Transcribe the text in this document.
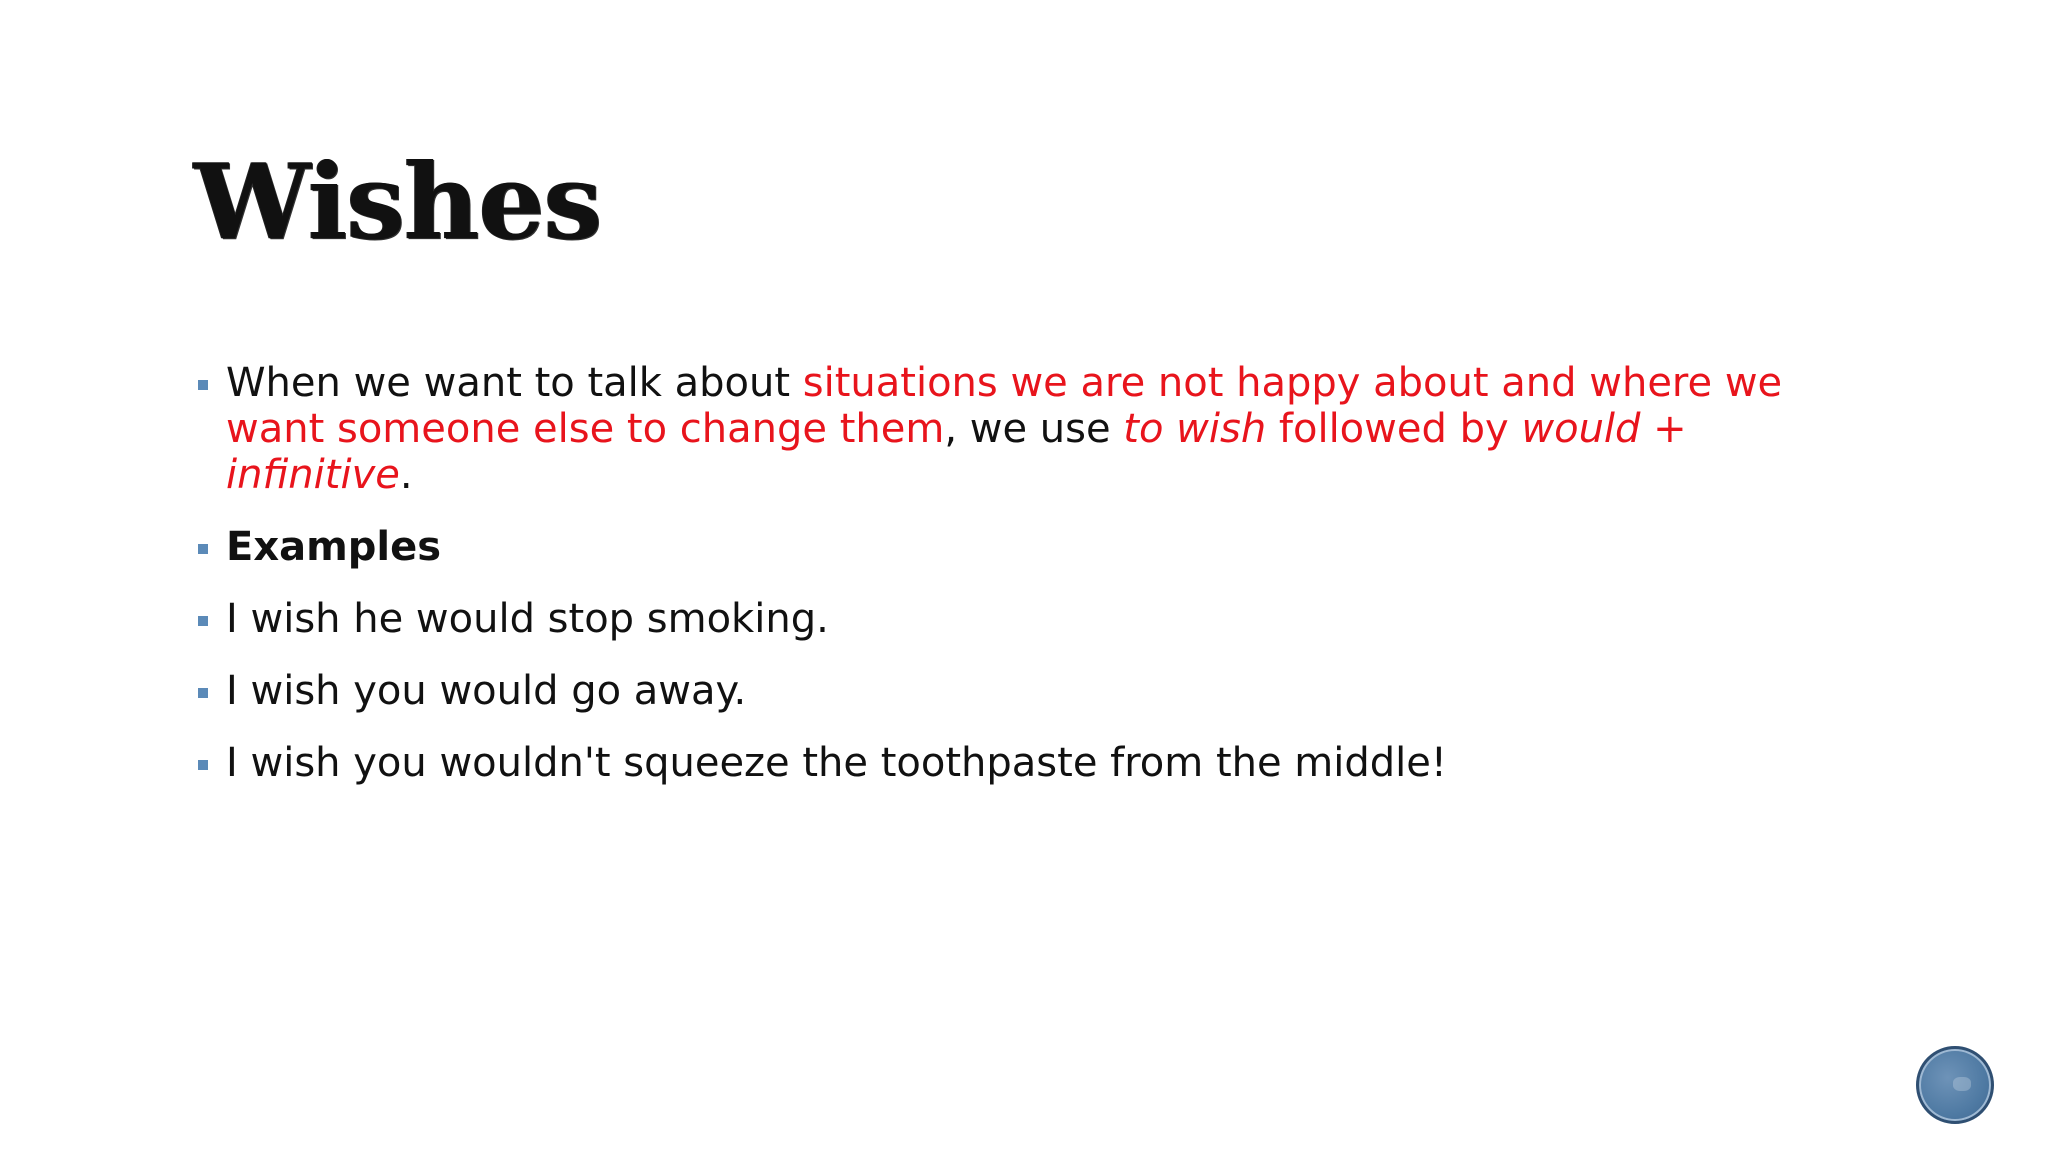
Wishes
When we want to talk about situations we are not happy about and where we want someone else to change them, we use to wish followed by would + infinitive.
Examples
I wish he would stop smoking.
I wish you would go away.
I wish you wouldn't squeeze the toothpaste from the middle!
